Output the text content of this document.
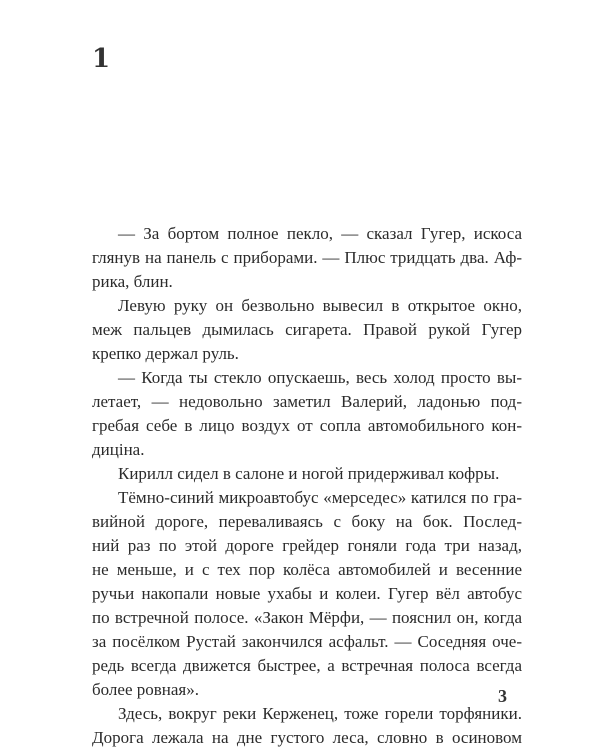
1
— За бортом полное пекло, — сказал Гугер, искоса
глянув на панель с приборами. — Плюс тридцать два. Аф-
рика, блин.
Левую руку он безвольно вывесил в открытое окно,
меж пальцев дымилась сигарета. Правой рукой Гугер
крепко держал руль.
— Когда ты стекло опускаешь, весь холод просто вы-
летает, — недовольно заметил Валерий, ладонью под-
гребая себе в лицо воздух от сопла автомобильного кон-
диціна.
Кирилл сидел в салоне и ногой придерживал кофры.
Тёмно-синий микроавтобус «мерседес» катился по гра-
вийной дороге, переваливаясь с боку на бок. Послед-
ний раз по этой дороге грейдер гоняли года три назад,
не меньше, и с тех пор колёса автомобилей и весенние
ручьи накопали новые ухабы и колеи. Гугер вёл автобус
по встречной полосе. «Закон Мёрфи, — пояснил он, когда
за посёлком Рустай закончился асфальт. — Соседняя оче-
редь всегда движется быстрее, а встречная полоса всегда
более ровная».
Здесь, вокруг реки Керженец, тоже горели торфяники.
Дорога лежала на дне густого леса, словно в осиновом
3
